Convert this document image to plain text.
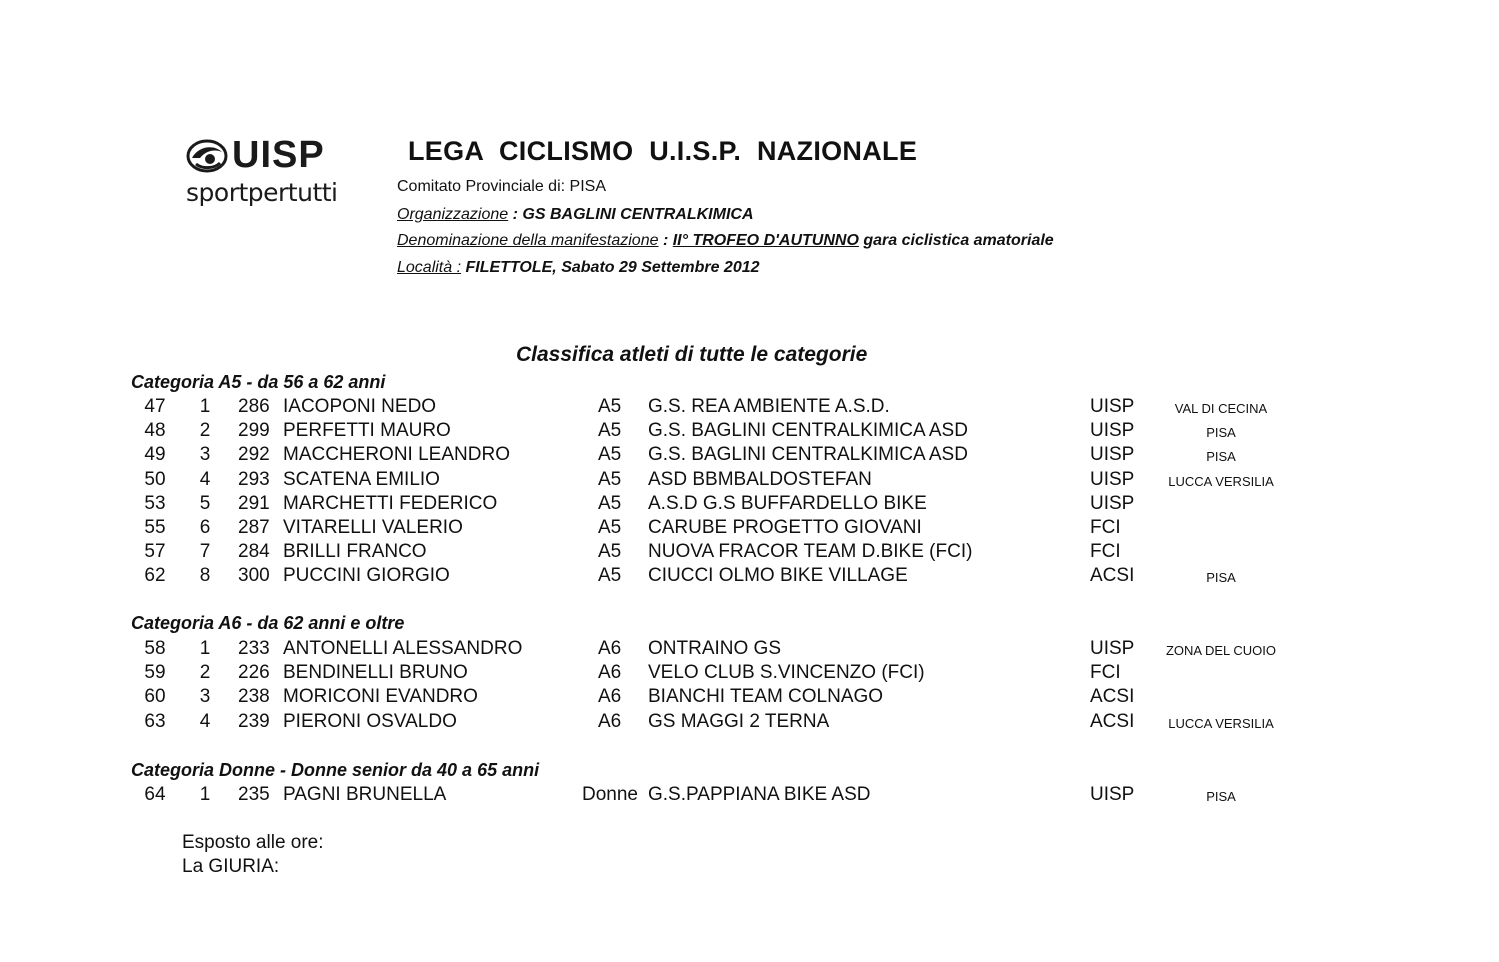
UISP
sportpertutti
LEGA CICLISMO U.I.S.P. NAZIONALE
Comitato Provinciale di: PISA
Organizzazione : GS BAGLINI CENTRALKIMICA
Denominazione della manifestazione : II° TROFEO D'AUTUNNO gara ciclistica amatoriale
Località : FILETTOLE, Sabato 29 Settembre 2012
Classifica atleti di tutte le categorie
Categoria A5 - da 56 a 62 anni
47	1	286 IACOPONI NEDO	A5 G.S. REA AMBIENTE A.S.D.	UISP	VAL DI CECINA
48	2	299 PERFETTI MAURO	A5 G.S. BAGLINI CENTRALKIMICA ASD	UISP	PISA
49	3	292 MACCHERONI LEANDRO	A5 G.S. BAGLINI CENTRALKIMICA ASD	UISP	PISA
50	4	293 SCATENA EMILIO	A5 ASD BBMBALDOSTEFAN	UISP	LUCCA VERSILIA
53	5	291 MARCHETTI FEDERICO	A5 A.S.D G.S BUFFARDELLO BIKE	UISP
55	6	287 VITARELLI VALERIO	A5 CARUBE PROGETTO GIOVANI	FCI
57	7	284 BRILLI FRANCO	A5 NUOVA FRACOR TEAM D.BIKE (FCI)	FCI
62	8	300 PUCCINI GIORGIO	A5 CIUCCI OLMO BIKE VILLAGE	ACSI	PISA
Categoria A6 - da 62 anni e oltre
58	1	233 ANTONELLI ALESSANDRO	A6 ONTRAINO GS	UISP	ZONA DEL CUOIO
59	2	226 BENDINELLI BRUNO	A6 VELO CLUB S.VINCENZO (FCI)	FCI
60	3	238 MORICONI EVANDRO	A6 BIANCHI TEAM COLNAGO	ACSI
63	4	239 PIERONI OSVALDO	A6 GS MAGGI 2 TERNA	ACSI	LUCCA VERSILIA
Categoria Donne - Donne senior da 40 a 65 anni
64	1	235 PAGNI BRUNELLA	Donne G.S.PAPPIANA BIKE ASD	UISP	PISA
Esposto alle ore:
La GIURIA:
